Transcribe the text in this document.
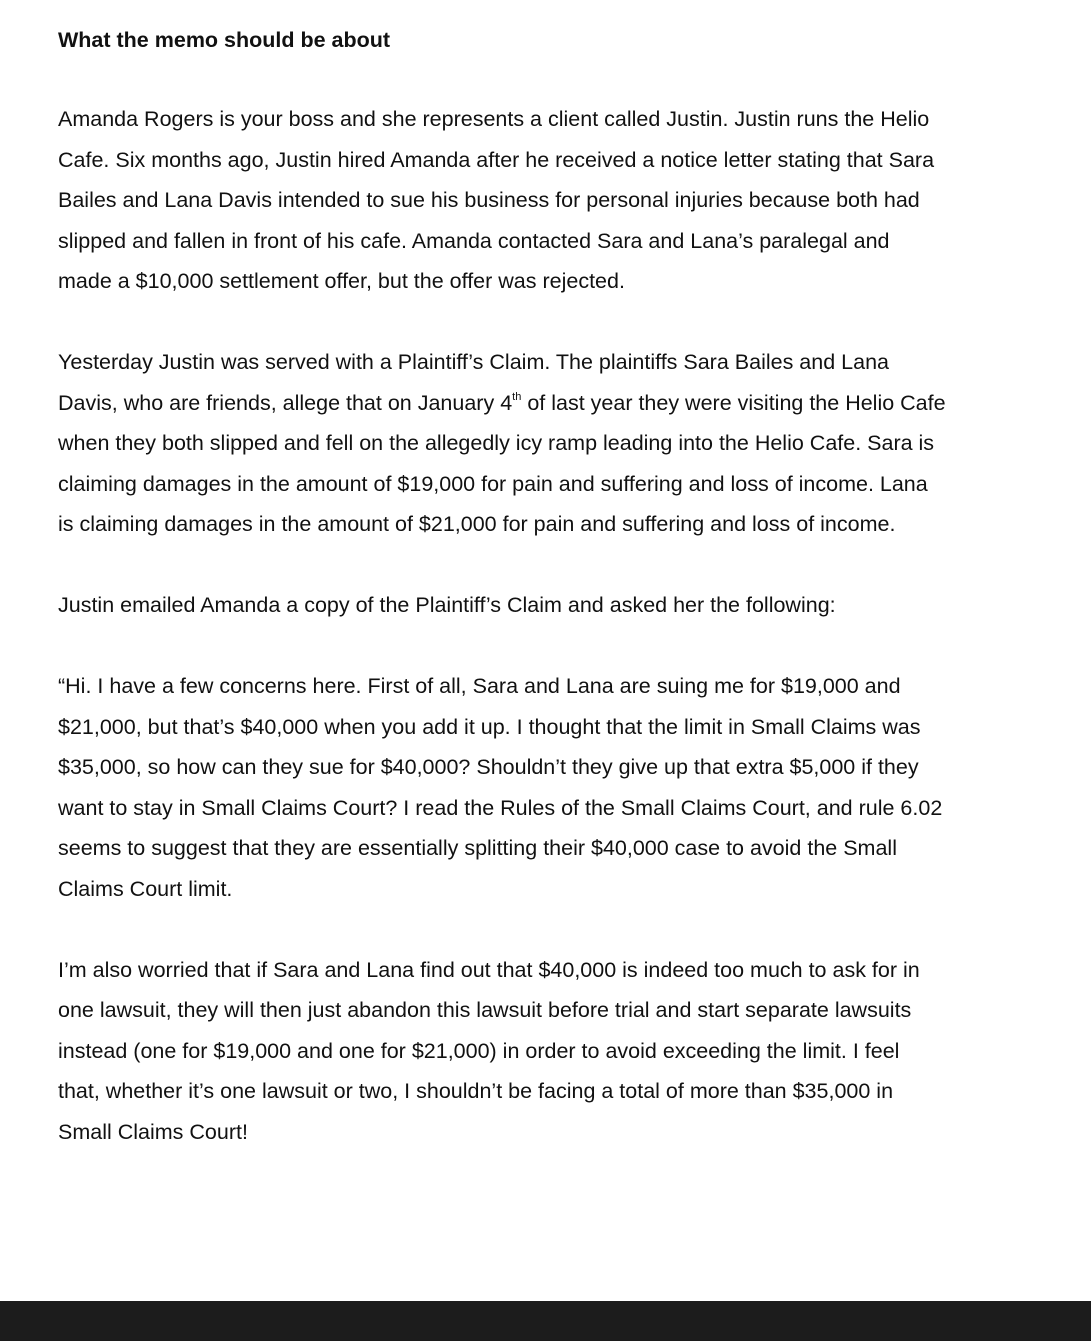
What the memo should be about

Amanda Rogers is your boss and she represents a client called Justin. Justin runs the Helio
Cafe. Six months ago, Justin hired Amanda after he received a notice letter stating that Sara
Bailes and Lana Davis intended to sue his business for personal injuries because both had
slipped and fallen in front of his cafe. Amanda contacted Sara and Lana’s paralegal and
made a $10,000 settlement offer, but the offer was rejected.

Yesterday Justin was served with a Plaintiff’s Claim. The plaintiffs Sara Bailes and Lana
Davis, who are friends, allege that on January 4th of last year they were visiting the Helio Cafe
when they both slipped and fell on the allegedly icy ramp leading into the Helio Cafe. Sara is
claiming damages in the amount of $19,000 for pain and suffering and loss of income. Lana
is claiming damages in the amount of $21,000 for pain and suffering and loss of income.

Justin emailed Amanda a copy of the Plaintiff’s Claim and asked her the following:

“Hi. I have a few concerns here. First of all, Sara and Lana are suing me for $19,000 and
$21,000, but that’s $40,000 when you add it up. I thought that the limit in Small Claims was
$35,000, so how can they sue for $40,000? Shouldn’t they give up that extra $5,000 if they
want to stay in Small Claims Court? I read the Rules of the Small Claims Court, and rule 6.02
seems to suggest that they are essentially splitting their $40,000 case to avoid the Small
Claims Court limit.

I’m also worried that if Sara and Lana find out that $40,000 is indeed too much to ask for in
one lawsuit, they will then just abandon this lawsuit before trial and start separate lawsuits
instead (one for $19,000 and one for $21,000) in order to avoid exceeding the limit. I feel
that, whether it’s one lawsuit or two, I shouldn’t be facing a total of more than $35,000 in
Small Claims Court!
